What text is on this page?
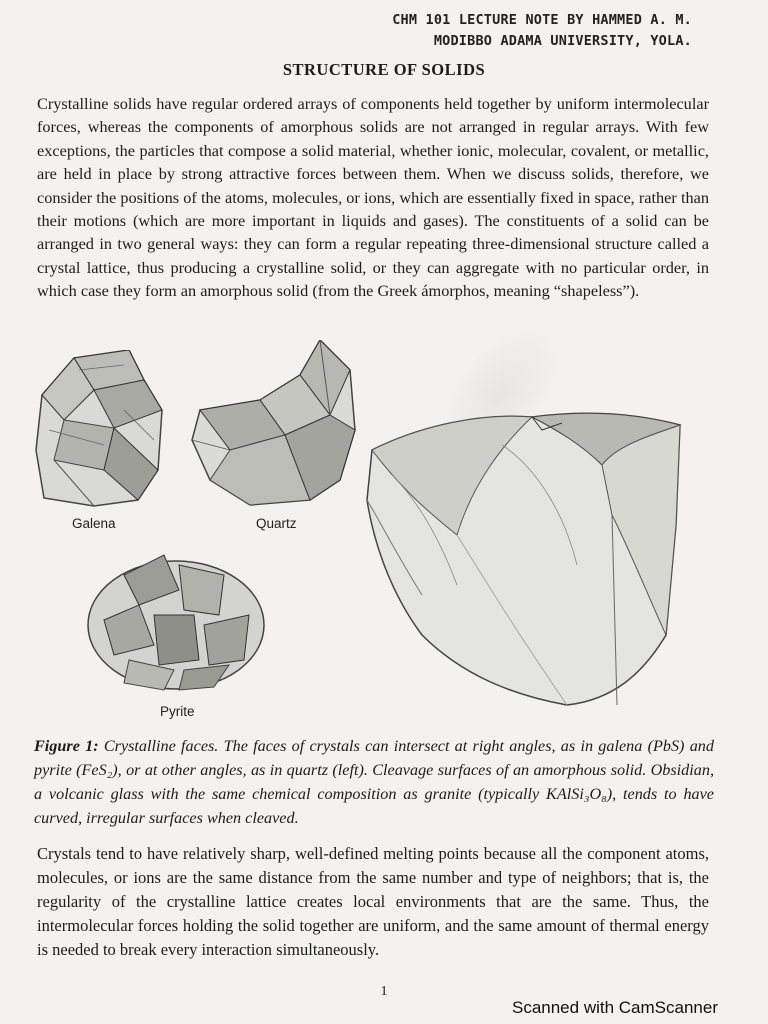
CHM 101 LECTURE NOTE BY HAMMED A. M.
MODIBBO ADAMA UNIVERSITY, YOLA.
STRUCTURE OF SOLIDS
Crystalline solids have regular ordered arrays of components held together by uniform intermolecular forces, whereas the components of amorphous solids are not arranged in regular arrays. With few exceptions, the particles that compose a solid material, whether ionic, molecular, covalent, or metallic, are held in place by strong attractive forces between them. When we discuss solids, therefore, we consider the positions of the atoms, molecules, or ions, which are essentially fixed in space, rather than their motions (which are more important in liquids and gases). The constituents of a solid can be arranged in two general ways: they can form a regular repeating three-dimensional structure called a crystal lattice, thus producing a crystalline solid, or they can aggregate with no particular order, in which case they form an amorphous solid (from the Greek ámorphos, meaning “shapeless”).
Galena	Quartz
Pyrite
Figure 1: Crystalline faces. The faces of crystals can intersect at right angles, as in galena (PbS) and pyrite (FeS₂), or at other angles, as in quartz (left). Cleavage surfaces of an amorphous solid. Obsidian, a volcanic glass with the same chemical composition as granite (typically KAlSi₃O₈), tends to have curved, irregular surfaces when cleaved.
Crystals tend to have relatively sharp, well-defined melting points because all the component atoms, molecules, or ions are the same distance from the same number and type of neighbors; that is, the regularity of the crystalline lattice creates local environments that are the same. Thus, the intermolecular forces holding the solid together are uniform, and the same amount of thermal energy is needed to break every interaction simultaneously.
1
Scanned with CamScanner
